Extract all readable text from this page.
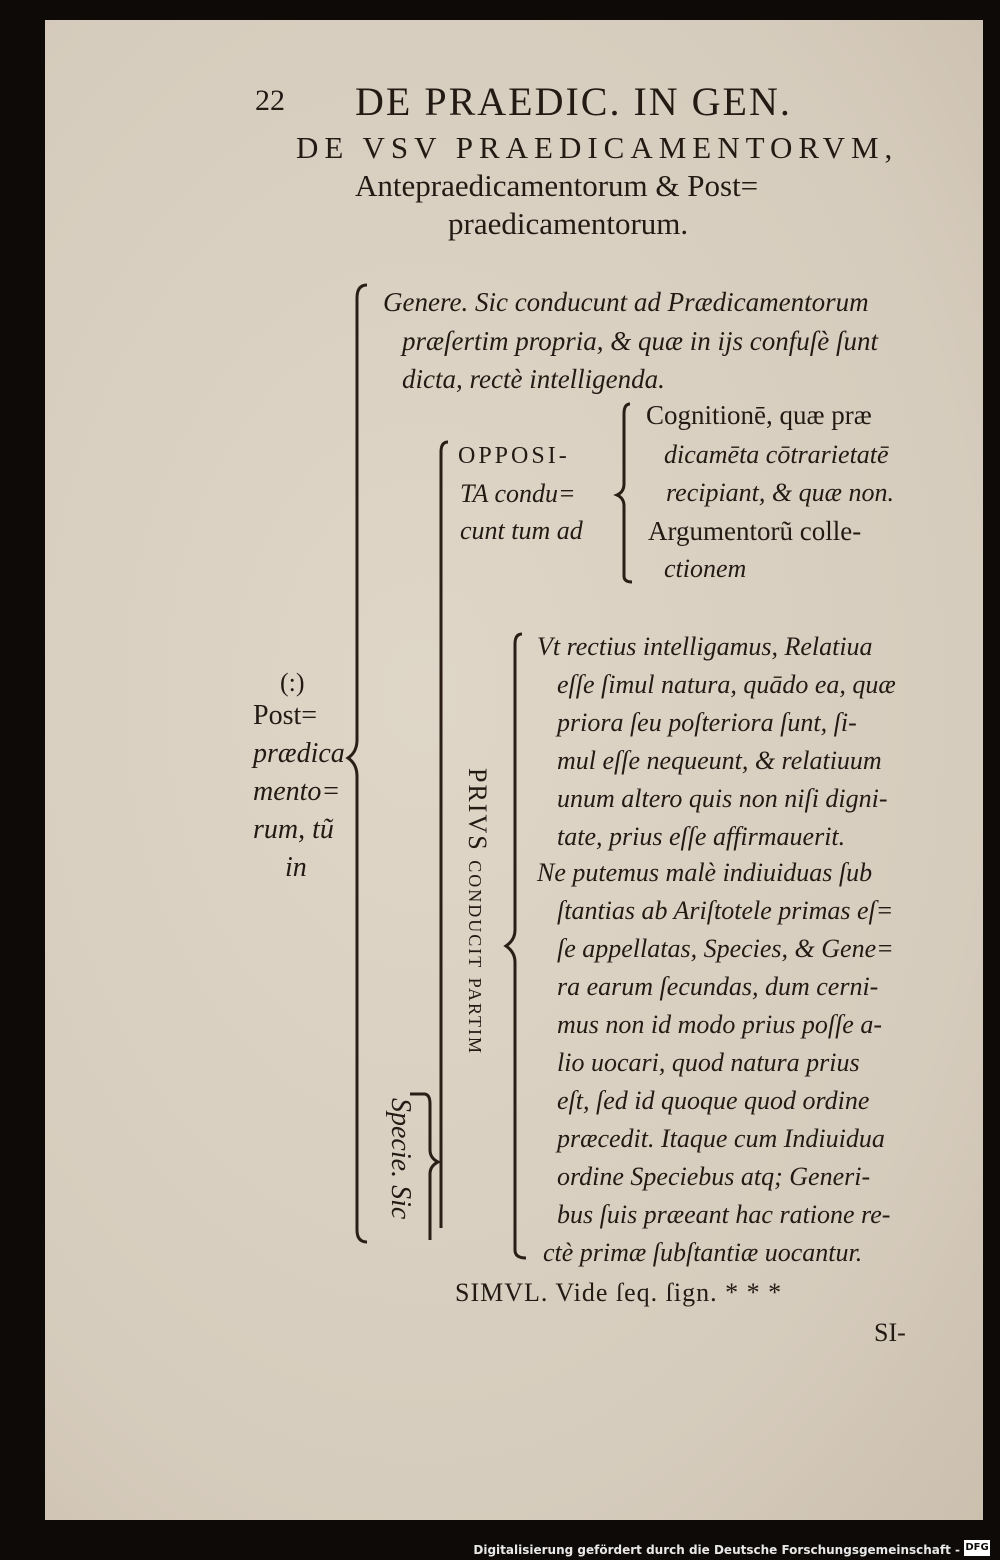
22 DE PRAEDIC. IN GEN.
DE VSV PRAEDICAMENTORVM,
Antepraedicamentorum & Post=
praedicamentorum.
(:)
Post=
prædica
mento=
rum, tũ
in
Genere. Sic conducunt ad Prædicamentorum
præſertim propria, & quæ in ijs confuſè ſunt
dicta, rectè intelligenda.
OPPOSI-
TA condu=
cunt tum ad
Cognitionē, quæ præ
dicamēta cōtrarietatē
recipiant, & quæ non.
Argumentorũ colle-
ctionem
PRIVS conducit partim
Vt rectius intelligamus, Relatiua
eſſe ſimul natura, quādo ea, quæ
priora ſeu poſteriora ſunt, ſi-
mul eſſe nequeunt, & relatiuum
unum altero quis non niſi digni-
tate, prius eſſe affirmauerit.
Ne putemus malè indiuiduas ſub
ſtantias ab Ariſtotele primas eſ=
ſe appellatas, Species, & Gene=
ra earum ſecundas, dum cerni-
mus non id modo prius poſſe a-
lio uocari, quod natura prius
eſt, ſed id quoque quod ordine
præcedit. Itaque cum Indiuidua
ordine Speciebus atq; Generi-
bus ſuis præeant hac ratione re-
ctè primæ ſubſtantiæ uocantur.
Specie. Sic
SIMVL. Vide ſeq. ſign. * * *
SI-
Digitalisierung gefördert durch die Deutsche Forschungsgemeinschaft - DFG
